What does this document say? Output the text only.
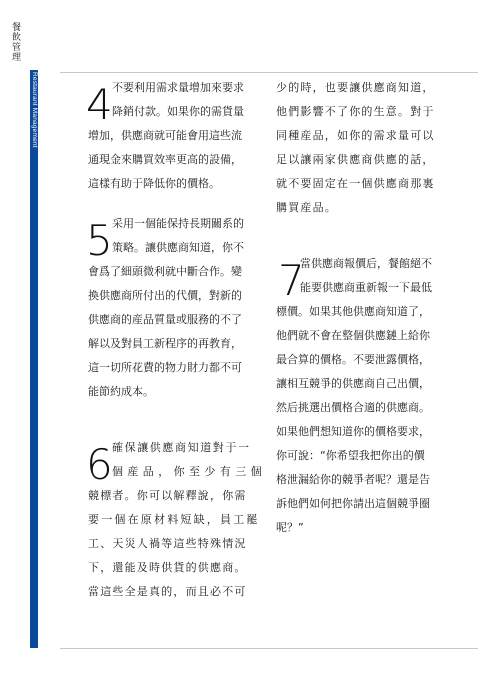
餐飲管理
Restaurant Management 4 不要利用需求量增加來要求
降銷付款。如果你的需貨量
增加，供應商就可能會用這些流
通現金來購買效率更高的設備，
這樣有助于降低你的價格。
5 采用一個能保持長期關系的
策略。讓供應商知道，你不
會爲了細頭微利就中斷合作。變
換供應商所付出的代價，對新的
供應商的産品質量或服務的不了
解以及對員工新程序的再教育，
這一切所花費的物力財力都不可
能節約成本。
6 確保讓供應商知道對于一
個産品，你至少有三個
競標者。你可以解釋說，你需
要一個在原材料短缺，員工罷
工、天災人禍等這些特殊情況
下，還能及時供貨的供應商。
當這些全是真的，而且必不可
少的時，也要讓供應商知道，
他們影響不了你的生意。對于
同種産品，如你的需求量可以
足以讓兩家供應商供應的話，
就不要固定在一個供應商那裏
購買産品。
7
當供應商報價后，餐館絕不
能要供應商重新報一下最低
標價。如果其他供應商知道了，
他們就不會在整個供應鏈上給你
最合算的價格。不要泄露價格，
讓相互競爭的供應商自己出價，
然后挑選出價格合適的供應商。
如果他們想知道你的價格要求，
你可說：“你希望我把你出的價
格泄漏給你的競爭者呢？還是告
訴他們如何把你請出這個競爭圈
呢？”
